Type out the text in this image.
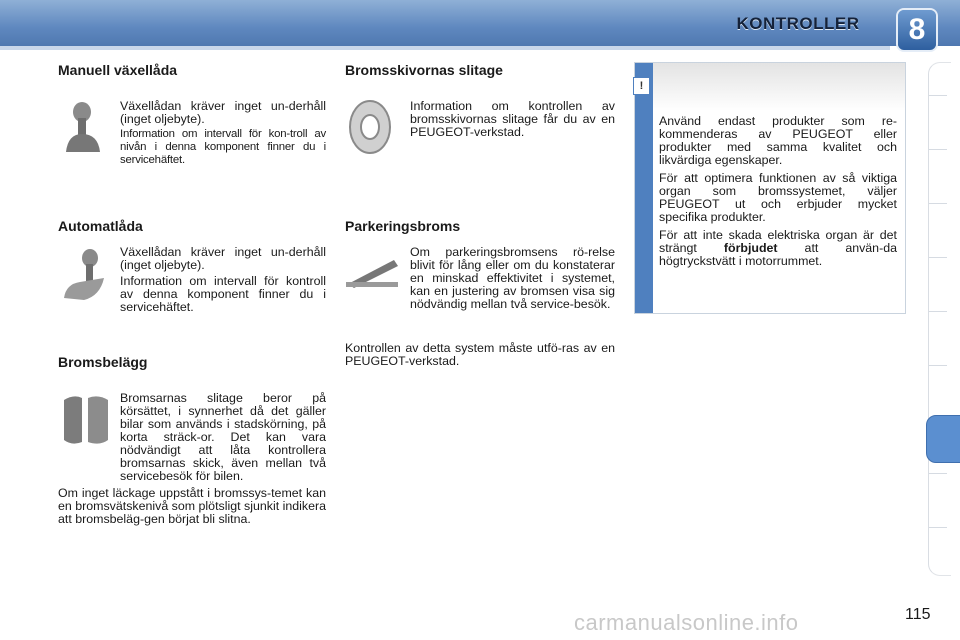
KONTROLLER	8
Manuell växellåda
Växellådan kräver inget un-derhåll (inget oljebyte).
Information om intervall för kon-troll av nivån i denna komponent finner du i servicehäftet.
Automatlåda
Växellådan kräver inget un-derhåll (inget oljebyte).
Information om intervall för kontroll av denna komponent finner du i servicehäftet.
Bromsbelägg
Bromsarnas slitage beror på körsättet, i synnerhet då det gäller bilar som används i stadskörning, på korta sträck-or. Det kan vara nödvändigt att låta kontrollera bromsarnas skick, även mellan två servicebesök för bilen.
Om inget läckage uppstått i bromssys-temet kan en bromsvätskenivå som plötsligt sjunkit indikera att bromsbeläg-gen börjat bli slitna.
Bromsskivornas slitage
Information om kontrollen av bromsskivornas slitage får du av en PEUGEOT-verkstad.
Parkeringsbroms
Om parkeringsbromsens rö-relse blivit för lång eller om du konstaterar en minskad effektivitet i systemet, kan en justering av bromsen visa sig nödvändig mellan två service-besök.
Kontrollen av detta system måste utfö-ras av en PEUGEOT-verkstad.
!

Använd endast produkter som re-kommenderas av PEUGEOT eller produkter med samma kvalitet och likvärdiga egenskaper.

För att optimera funktionen av så viktiga organ som bromssystemet, väljer PEUGEOT ut och erbjuder mycket specifika produkter.

För att inte skada elektriska organ är det strängt förbjudet att använ-da högtryckstvätt i motorrummet.

carmanualsonline.info	115
